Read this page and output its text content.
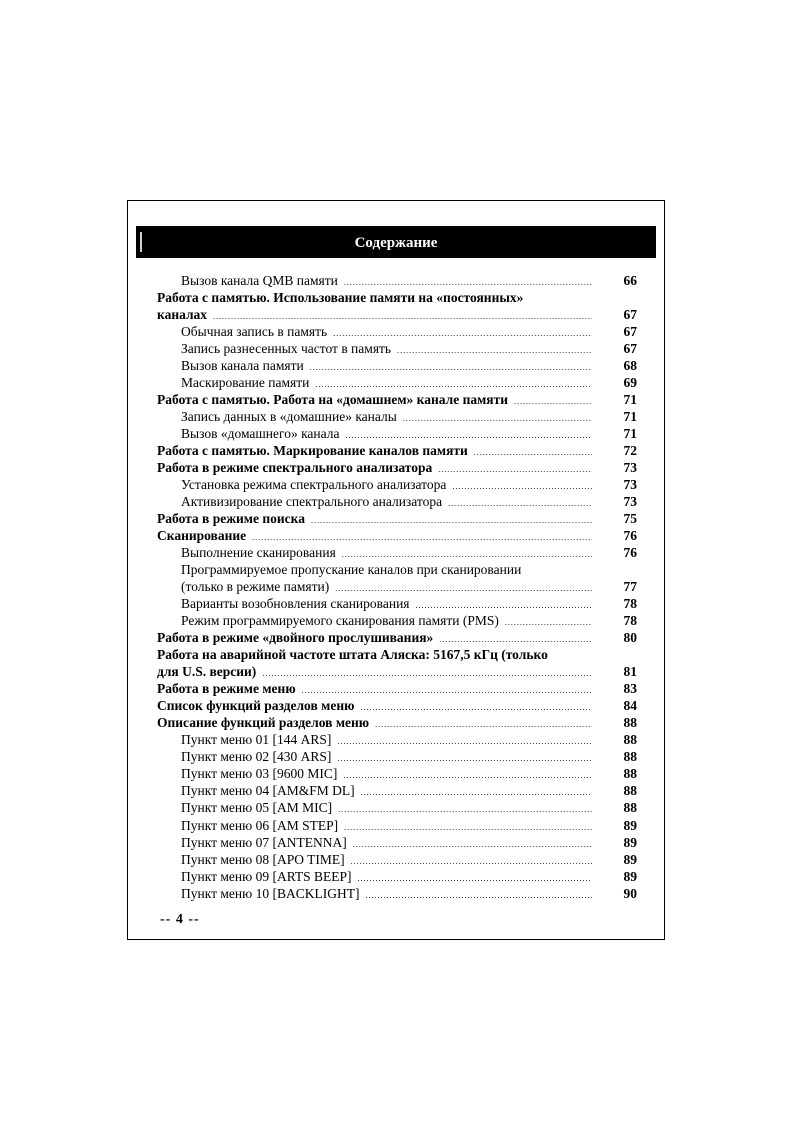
Содержание
Вызов канала QMB памяти .....	66
Работа с памятью. Использование памяти на «постоянных»
каналах .....	67
Обычная запись в память .....	67
Запись разнесенных частот в память .....	67
Вызов канала памяти .....	68
Маскирование памяти .....	69
Работа с памятью. Работа на «домашнем» канале памяти .....	71
Запись данных в «домашние» каналы .....	71
Вызов «домашнего» канала .....	71
Работа с памятью. Маркирование каналов памяти .....	72
Работа в режиме спектрального анализатора .....	73
Установка режима спектрального анализатора .....	73
Активизирование спектрального анализатора .....	73
Работа в режиме поиска .....	75
Сканирование .....	76
Выполнение сканирования .....	76
Программируемое пропускание каналов при сканировании
(только в режиме памяти) .....	77
Варианты возобновления сканирования .....	78
Режим программируемого сканирования памяти (PMS) .....	78
Работа в режиме «двойного прослушивания» .....	80
Работа на аварийной частоте штата Аляска: 5167,5 кГц (только
для U.S. версии) .....	81
Работа в режиме меню .....	83
Список функций разделов меню .....	84
Описание функций разделов меню .....	88
Пункт меню 01 [144 ARS] .....	88
Пункт меню 02 [430 ARS] .....	88
Пункт меню 03 [9600 MIC] .....	88
Пункт меню 04 [AM&FM DL] .....	88
Пункт меню 05 [AM MIC] .....	88
Пункт меню 06 [AM STEP] .....	89
Пункт меню 07 [ANTENNA] .....	89
Пункт меню 08 [APO TIME] .....	89
Пункт меню 09 [ARTS BEEP] .....	89
Пункт меню 10 [BACKLIGHT] .....	90
-- 4 --
